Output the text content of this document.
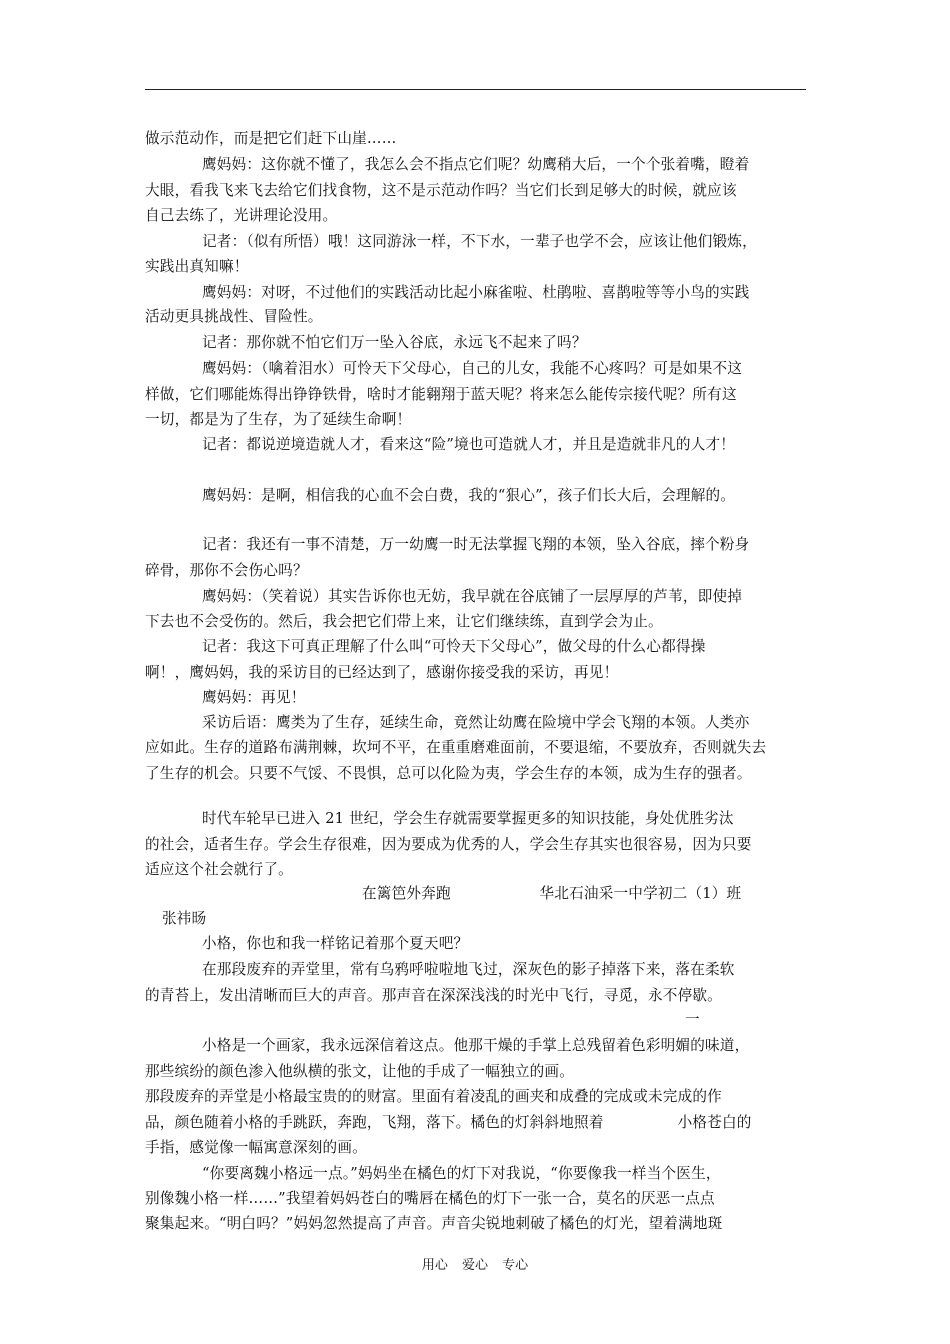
做示范动作，而是把它们赶下山崖……
鹰妈妈：这你就不懂了，我怎么会不指点它们呢？幼鹰稍大后，一个个张着嘴，瞪着
大眼，看我飞来飞去给它们找食物，这不是示范动作吗？当它们长到足够大的时候，就应该
自己去练了，光讲理论没用。
记者：（似有所悟）哦！这同游泳一样，不下水，一辈子也学不会，应该让他们锻炼，
实践出真知嘛！
鹰妈妈：对呀，不过他们的实践活动比起小麻雀啦、杜鹃啦、喜鹊啦等等小鸟的实践
活动更具挑战性、冒险性。
记者：那你就不怕它们万一坠入谷底，永远飞不起来了吗？
鹰妈妈：（噙着泪水）可怜天下父母心，自己的儿女，我能不心疼吗？可是如果不这
样做，它们哪能炼得出铮铮铁骨，啥时才能翱翔于蓝天呢？将来怎么能传宗接代呢？所有这
一切，都是为了生存，为了延续生命啊！
记者：都说逆境造就人才，看来这“险”境也可造就人才，并且是造就非凡的人才！
鹰妈妈：是啊，相信我的心血不会白费，我的“狠心”，孩子们长大后，会理解的。
记者：我还有一事不清楚，万一幼鹰一时无法掌握飞翔的本领，坠入谷底，摔个粉身
碎骨，那你不会伤心吗？
鹰妈妈：（笑着说）其实告诉你也无妨，我早就在谷底铺了一层厚厚的芦苇，即使掉
下去也不会受伤的。然后，我会把它们带上来，让它们继续练，直到学会为止。
记者：我这下可真正理解了什么叫“可怜天下父母心”，做父母的什么心都得操
啊！，鹰妈妈，我的采访目的已经达到了，感谢你接受我的采访，再见！
鹰妈妈：再见！
采访后语：鹰类为了生存，延续生命，竟然让幼鹰在险境中学会飞翔的本领。人类亦
应如此。生存的道路布满荆棘，坎坷不平，在重重磨难面前，不要退缩，不要放弃，否则就失去
了生存的机会。只要不气馁、不畏惧，总可以化险为夷，学会生存的本领，成为生存的强者。
时代车轮早已进入 21 世纪，学会生存就需要掌握更多的知识技能，身处优胜劣汰
的社会，适者生存。学会生存很难，因为要成为优秀的人，学会生存其实也很容易，因为只要
适应这个社会就行了。
在篱笆外奔跑　　　　　　华北石油采一中学初二（1）班
张祎旸
小格，你也和我一样铭记着那个夏天吧？
在那段废弃的弄堂里，常有乌鸦呼啦啦地飞过，深灰色的影子掉落下来，落在柔软
的青苔上，发出清晰而巨大的声音。那声音在深深浅浅的时光中飞行，寻觅，永不停歇。
一
小格是一个画家，我永远深信着这点。他那干燥的手掌上总残留着色彩明媚的味道，
那些缤纷的颜色渗入他纵横的张文，让他的手成了一幅独立的画。
那段废弃的弄堂是小格最宝贵的的财富。里面有着凌乱的画夹和成叠的完成或未完成的作
品，颜色随着小格的手跳跃，奔跑，飞翔，落下。橘色的灯斜斜地照着　　　　　小格苍白的
手指，感觉像一幅寓意深刻的画。
“你要离魏小格远一点。”妈妈坐在橘色的灯下对我说，“你要像我一样当个医生，
别像魏小格一样……”我望着妈妈苍白的嘴唇在橘色的灯下一张一合，莫名的厌恶一点点
聚集起来。“明白吗？”妈妈忽然提高了声音。声音尖锐地刺破了橘色的灯光，望着满地斑
用心 爱心 专心
